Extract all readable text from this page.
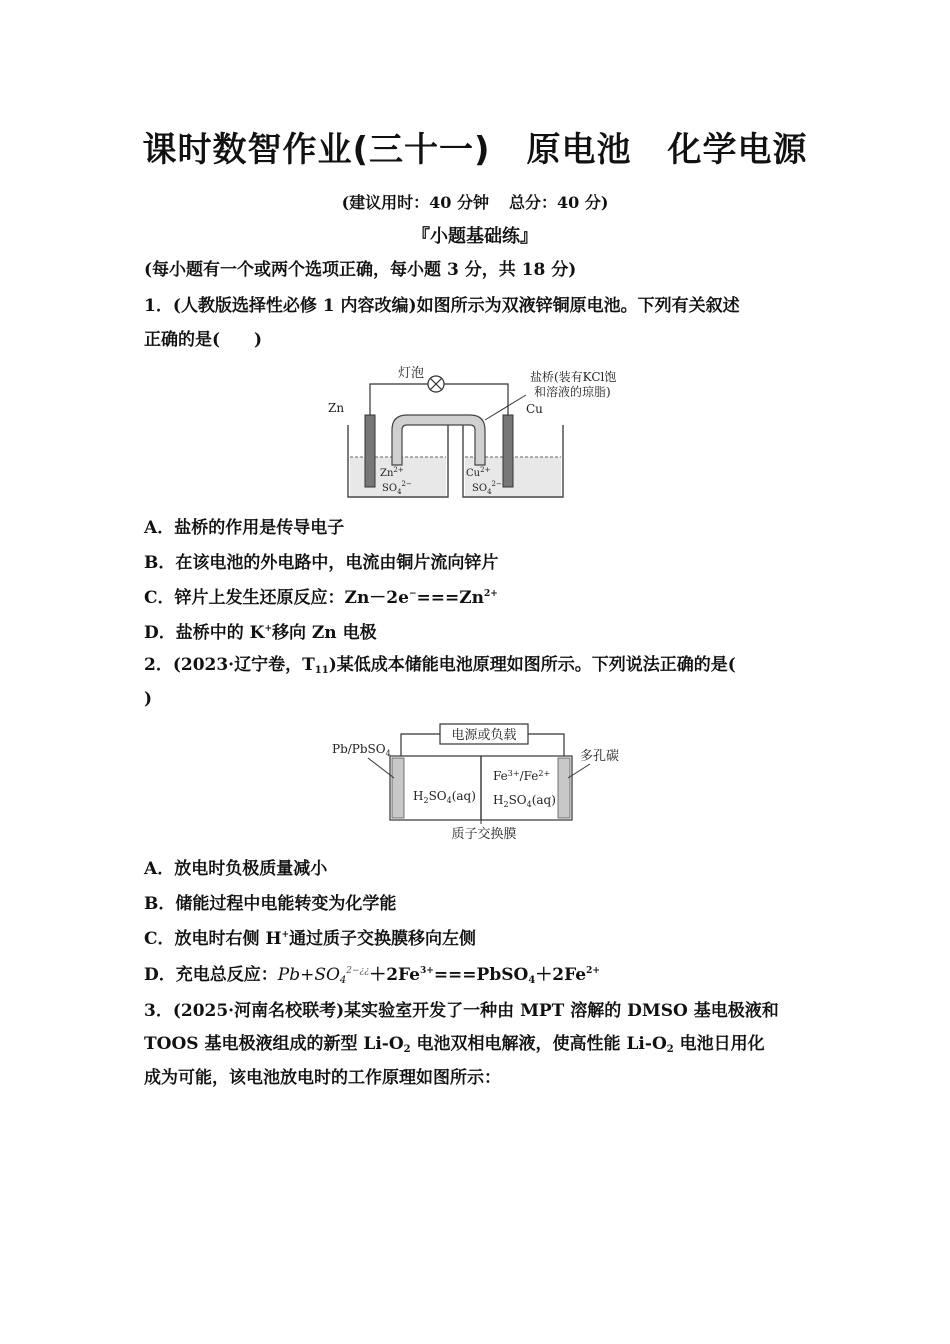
课时数智作业(三十一) 原电池 化学电源
(建议用时：40 分钟 总分：40 分)
『小题基础练』
(每小题有一个或两个选项正确，每小题 3 分，共 18 分)
1．(人教版选择性必修 1 内容改编)如图所示为双液锌铜原电池。下列有关叙述
正确的是(　　)
灯泡	盐桥(装有KCl饱
和溶液的琼脂)
Zn	Cu
$Zn^{2+}$
$SO_4^{2-}$
$Cu^{2+}$
$SO_4^{2-}$
A．盐桥的作用是传导电子
B．在该电池的外电路中，电流由铜片流向锌片
C．锌片上发生还原反应：$Zn-2e^-===Zn^{2+}$
D．盐桥中的 K+移向 Zn 电极
2．(2023·辽宁卷，$T_{11}$)某低成本储能电池原理如图所示。下列说法正确的是(
)
电源或负载
Pb/PbSO$_4$	多孔碳
$H_2SO_4(aq)$
$Fe^{3+}/Fe^{2+}$
$H_2SO_4(aq)$
质子交换膜
A．放电时负极质量减小
B．储能过程中电能转变为化学能
C．放电时右侧 H+通过质子交换膜移向左侧
D．充电总反应：$Pb+SO_4^{2-¿¿}+2Fe^{3+}===PbSO_4+2Fe^{2+}$
3．(2025·河南名校联考)某实验室开发了一种由 MPT 溶解的 DMSO 基电极液和
TOOS 基电极液组成的新型 $Li-O_2$ 电池双相电解液，使高性能 $Li-O_2$ 电池日用化
成为可能，该电池放电时的工作原理如图所示：
